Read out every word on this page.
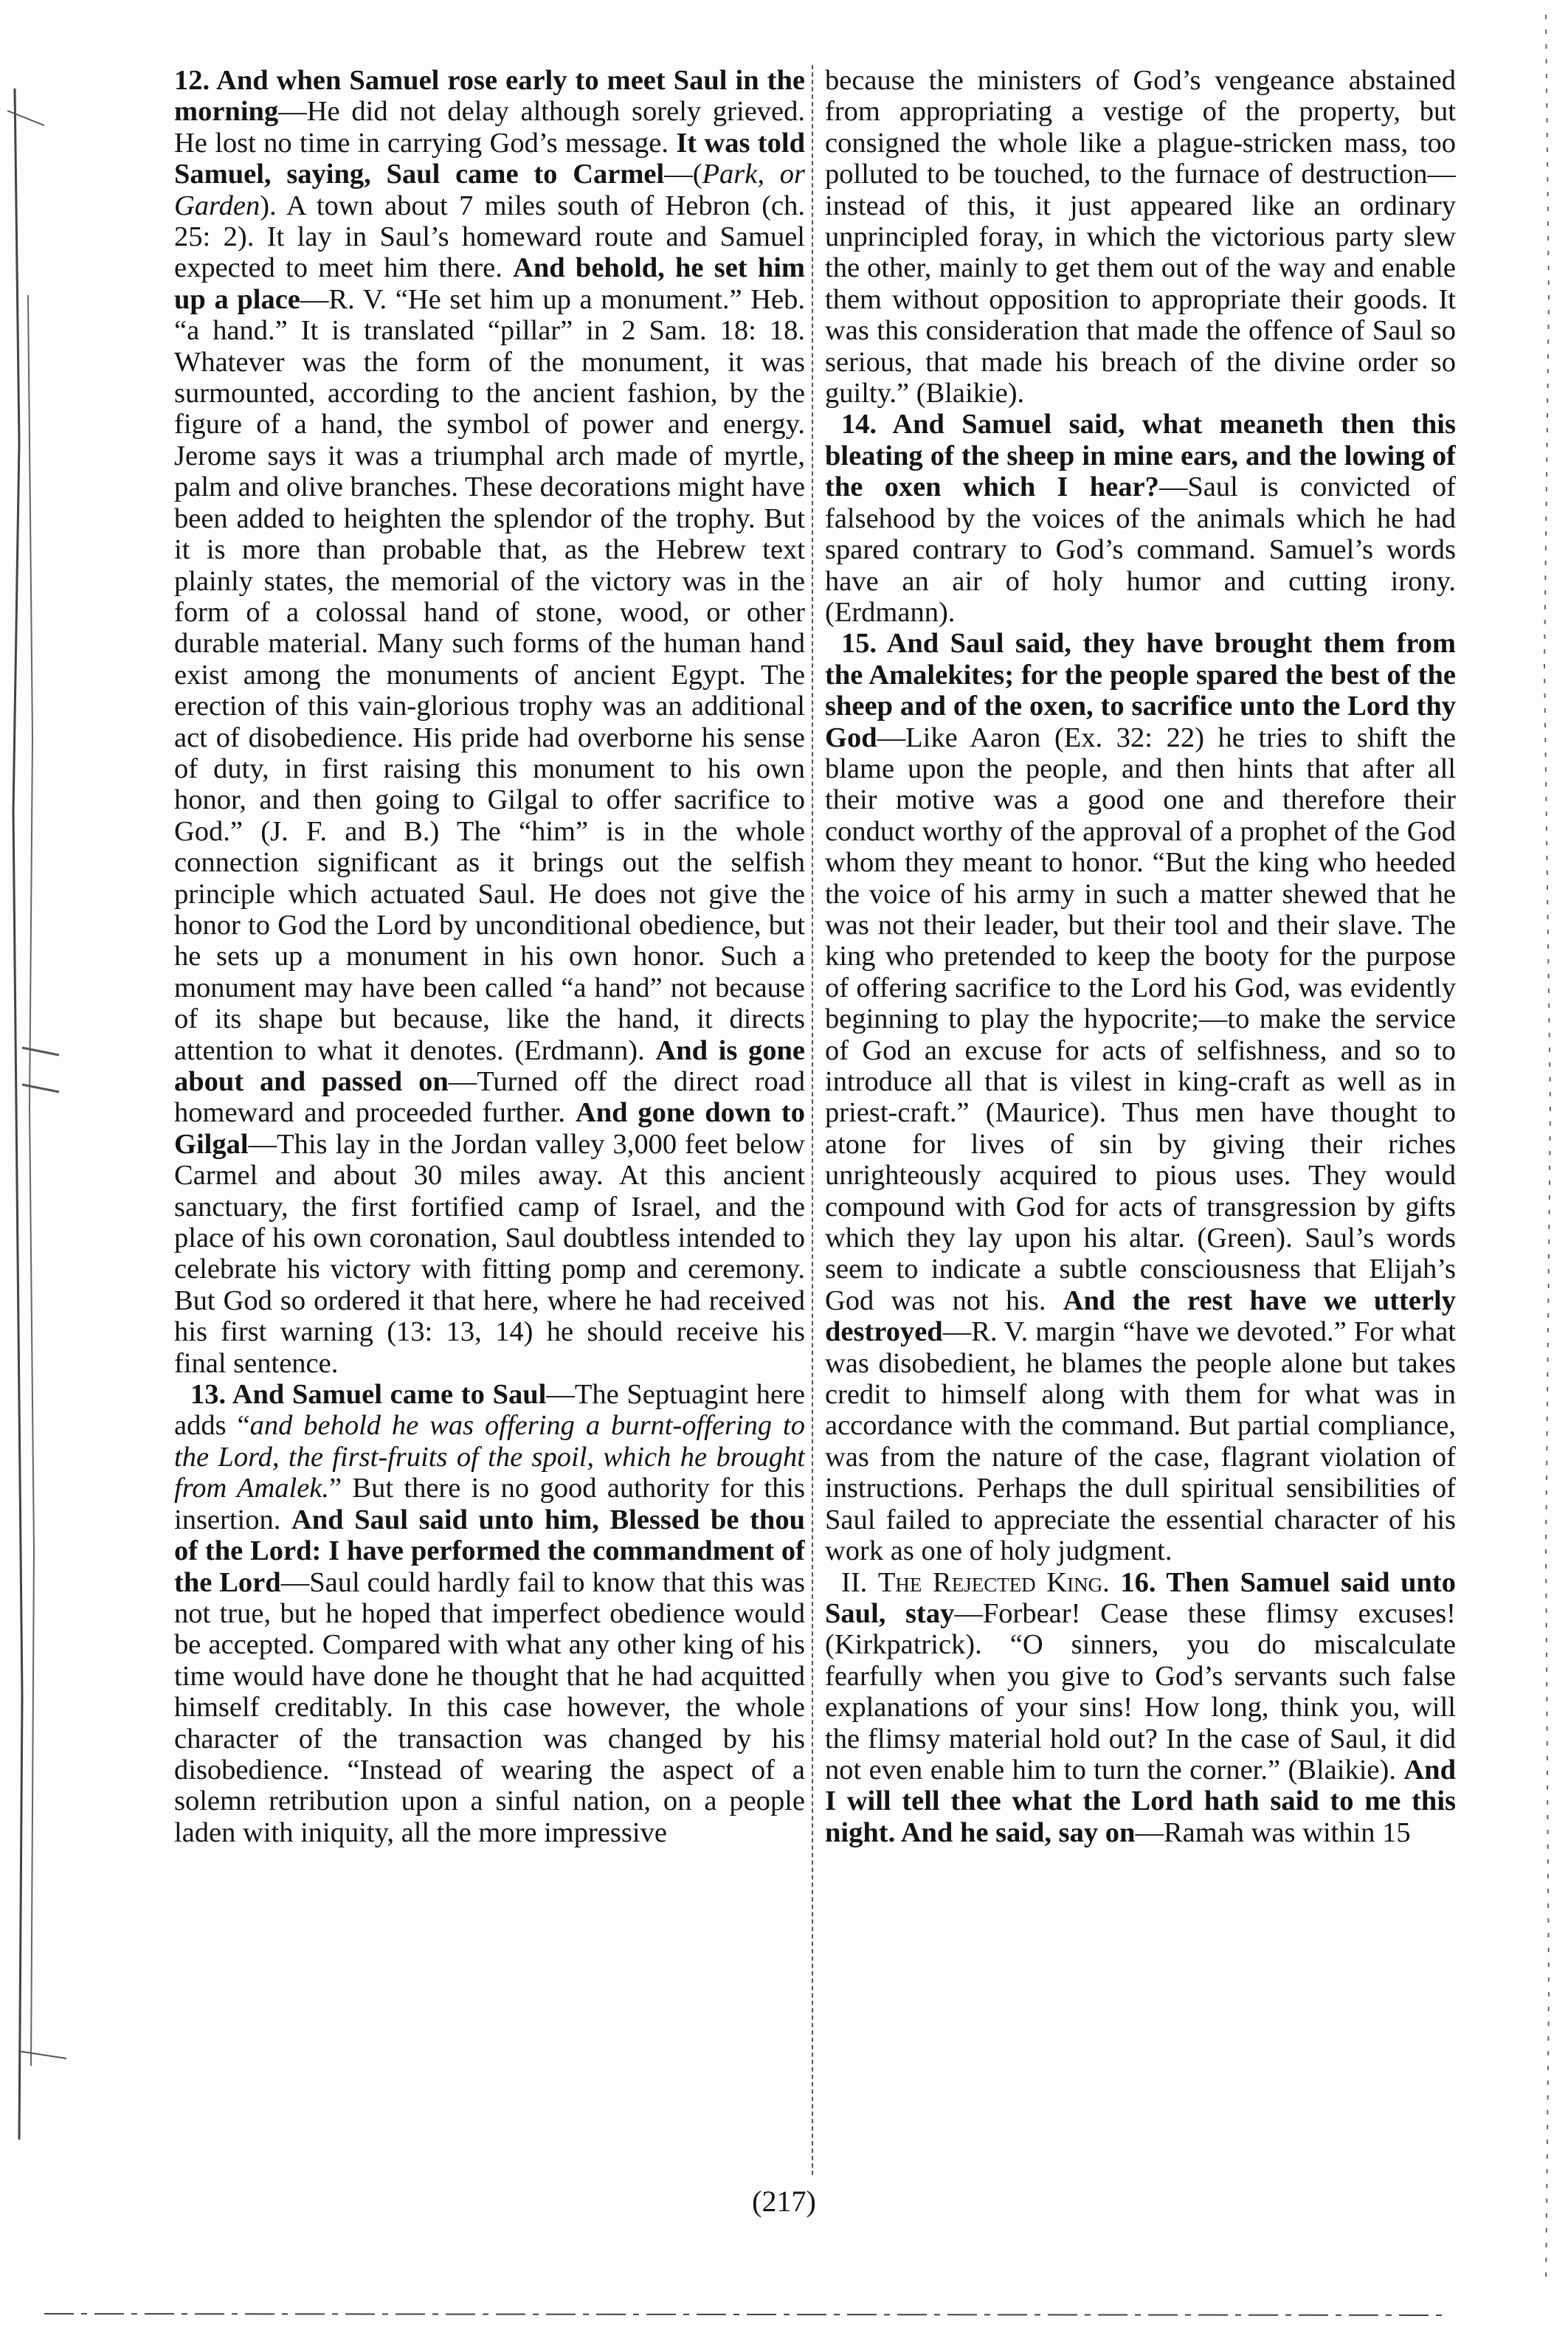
12. And when Samuel rose early to meet Saul in the morning—He did not delay although sorely grieved. He lost no time in carrying God’s message. It was told Samuel, saying, Saul came to Carmel—(Park, or Garden). A town about 7 miles south of Hebron (ch. 25: 2). It lay in Saul’s homeward route and Samuel expected to meet him there. And behold, he set him up a place—R. V. “He set him up a monument.” Heb. “a hand.” It is translated “pillar” in 2 Sam. 18: 18. Whatever was the form of the monument, it was surmounted, according to the ancient fashion, by the figure of a hand, the symbol of power and energy. Jerome says it was a triumphal arch made of myrtle, palm and olive branches. These decorations might have been added to heighten the splendor of the trophy. But it is more than probable that, as the Hebrew text plainly states, the memorial of the victory was in the form of a colossal hand of stone, wood, or other durable material. Many such forms of the human hand exist among the monuments of ancient Egypt. The erection of this vain-glorious trophy was an additional act of disobedience. His pride had overborne his sense of duty, in first raising this monument to his own honor, and then going to Gilgal to offer sacrifice to God.” (J. F. and B.) The “him” is in the whole connection significant as it brings out the selfish principle which actuated Saul. He does not give the honor to God the Lord by unconditional obedience, but he sets up a monument in his own honor. Such a monument may have been called “a hand” not because of its shape but because, like the hand, it directs attention to what it denotes. (Erdmann). And is gone about and passed on—Turned off the direct road homeward and proceeded further. And gone down to Gilgal—This lay in the Jordan valley 3,000 feet below Carmel and about 30 miles away. At this ancient sanctuary, the first fortified camp of Israel, and the place of his own coronation, Saul doubtless intended to celebrate his victory with fitting pomp and ceremony. But God so ordered it that here, where he had received his first warning (13: 13, 14) he should receive his final sentence.

13. And Samuel came to Saul—The Septuagint here adds “and behold he was offering a burnt-offering to the Lord, the first-fruits of the spoil, which he brought from Amalek.” But there is no good authority for this insertion. And Saul said unto him, Blessed be thou of the Lord: I have performed the commandment of the Lord—Saul could hardly fail to know that this was not true, but he hoped that imperfect obedience would be accepted. Compared with what any other king of his time would have done he thought that he had acquitted himself creditably. In this case however, the whole character of the transaction was changed by his disobedience. “Instead of wearing the aspect of a solemn retribution upon a sinful nation, on a people laden with iniquity, all the more impressive

because the ministers of God’s vengeance abstained from appropriating a vestige of the property, but consigned the whole like a plague-stricken mass, too polluted to be touched, to the furnace of destruction—instead of this, it just appeared like an ordinary unprincipled foray, in which the victorious party slew the other, mainly to get them out of the way and enable them without opposition to appropriate their goods. It was this consideration that made the offence of Saul so serious, that made his breach of the divine order so guilty.” (Blaikie).

14. And Samuel said, what meaneth then this bleating of the sheep in mine ears, and the lowing of the oxen which I hear?—Saul is convicted of falsehood by the voices of the animals which he had spared contrary to God’s command. Samuel’s words have an air of holy humor and cutting irony. (Erdmann).

15. And Saul said, they have brought them from the Amalekites; for the people spared the best of the sheep and of the oxen, to sacrifice unto the Lord thy God—Like Aaron (Ex. 32: 22) he tries to shift the blame upon the people, and then hints that after all their motive was a good one and therefore their conduct worthy of the approval of a prophet of the God whom they meant to honor. “But the king who heeded the voice of his army in such a matter shewed that he was not their leader, but their tool and their slave. The king who pretended to keep the booty for the purpose of offering sacrifice to the Lord his God, was evidently beginning to play the hypocrite;—to make the service of God an excuse for acts of selfishness, and so to introduce all that is vilest in king-craft as well as in priest-craft.” (Maurice). Thus men have thought to atone for lives of sin by giving their riches unrighteously acquired to pious uses. They would compound with God for acts of transgression by gifts which they lay upon his altar. (Green). Saul’s words seem to indicate a subtle consciousness that Elijah’s God was not his. And the rest have we utterly destroyed—R. V. margin “have we devoted.” For what was disobedient, he blames the people alone but takes credit to himself along with them for what was in accordance with the command. But partial compliance, was from the nature of the case, flagrant violation of instructions. Perhaps the dull spiritual sensibilities of Saul failed to appreciate the essential character of his work as one of holy judgment.

II. The Rejected King. 16. Then Samuel said unto Saul, stay—Forbear! Cease these flimsy excuses! (Kirkpatrick). “O sinners, you do miscalculate fearfully when you give to God’s servants such false explanations of your sins! How long, think you, will the flimsy material hold out? In the case of Saul, it did not even enable him to turn the corner.” (Blaikie). And I will tell thee what the Lord hath said to me this night. And he said, say on—Ramah was within 15

(217)
